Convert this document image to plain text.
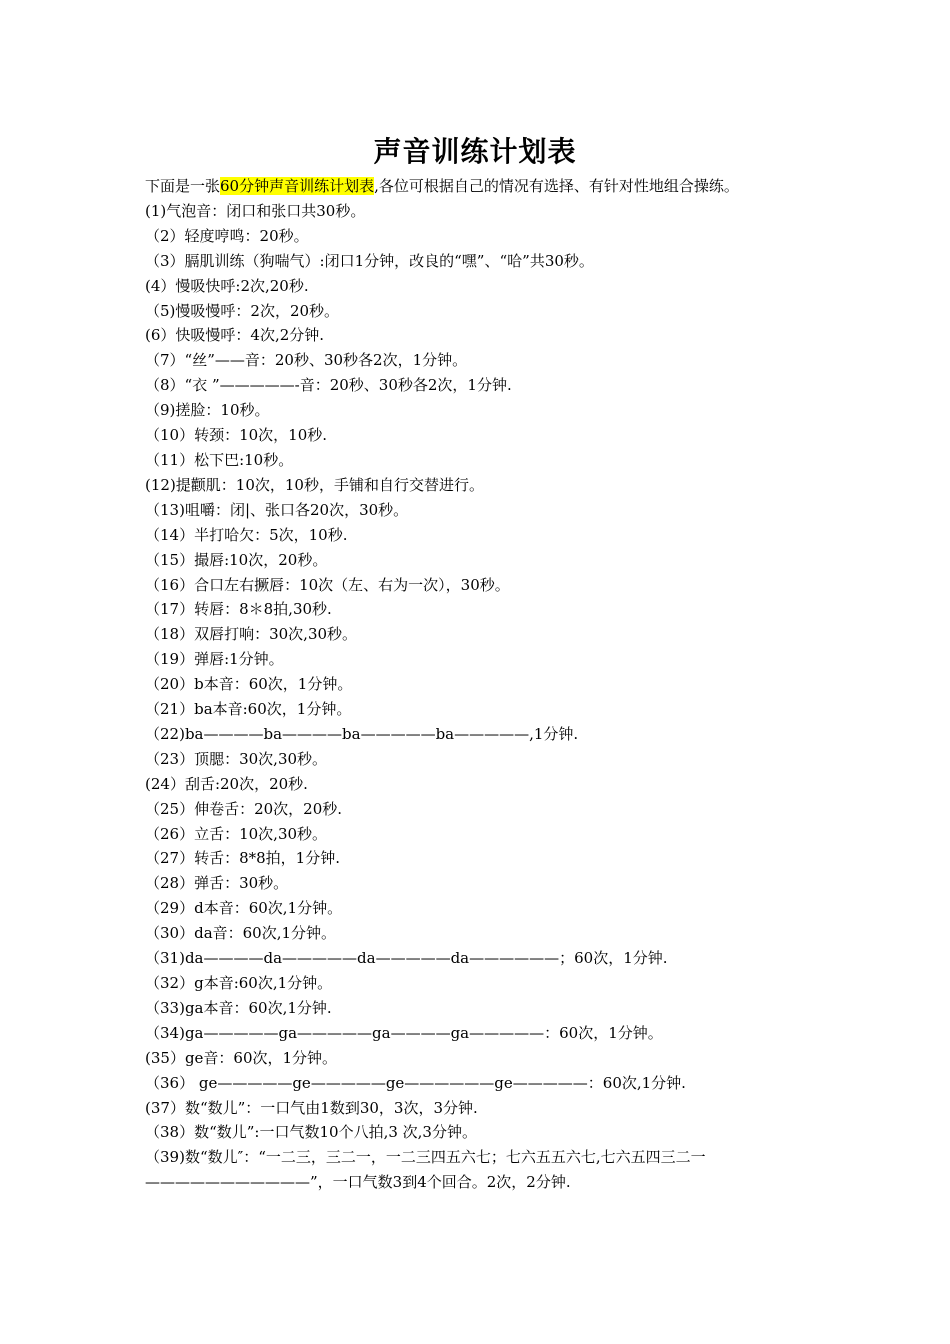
声音训练计划表
下面是一张60分钟声音训练计划表,各位可根据自己的情况有选择、有针对性地组合操练。
(1)气泡音：闭口和张口共30秒。
（2）轻度哼鸣：20秒。
（3）膈肌训练（狗喘气）:闭口1分钟，改良的“嘿”、“哈”共30秒。
(4）慢吸快呼:2次,20秒.
（5)慢吸慢呼：2次，20秒。
(6）快吸慢呼：4次,2分钟.
（7）“丝”——音：20秒、30秒各2次，1分钟。
（8）“衣 ”—————-音：20秒、30秒各2次，1分钟.
（9)搓脸：10秒。
（10）转颈：10次，10秒.
（11）松下巴:10秒。
(12)提颧肌：10次，10秒，手铺和自行交替进行。
（13)咀嚼：闭|、张口各20次，30秒。
（14）半打哈欠：5次，10秒.
（15）撮唇:10次，20秒。
（16）合口左右撅唇：10次（左、右为一次），30秒。
（17）转唇：8＊8拍,30秒.
（18）双唇打响：30次,30秒。
（19）弹唇:1分钟。
（20）b本音：60次，1分钟。
（21）ba本音:60次，1分钟。
（22)ba————ba————ba—————ba—————,1分钟.
（23）顶腮：30次,30秒。
(24）刮舌:20次，20秒.
（25）伸卷舌：20次，20秒.
（26）立舌：10次,30秒。
（27）转舌：8*8拍，1分钟.
（28）弹舌：30秒。
（29）d本音：60次,1分钟。
（30）da音：60次,1分钟。
（31)da————da—————da—————da——————；60次，1分钟.
（32）g本音:60次,1分钟。
（33)ga本音：60次,1分钟.
（34)ga—————ga—————ga————ga—————：60次，1分钟。
(35）ge音：60次，1分钟。
（36） ge—————ge—————ge——————ge—————：60次,1分钟.
(37）数“数儿”：一口气由1数到30，3次，3分钟.
（38）数“数儿”:一口气数10个八拍,3 次,3分钟。
（39)数“数儿″：“一二三，三二一，一二三四五六七；七六五五六七,七六五四三二一———————————”，一口气数3到4个回合。2次，2分钟.
